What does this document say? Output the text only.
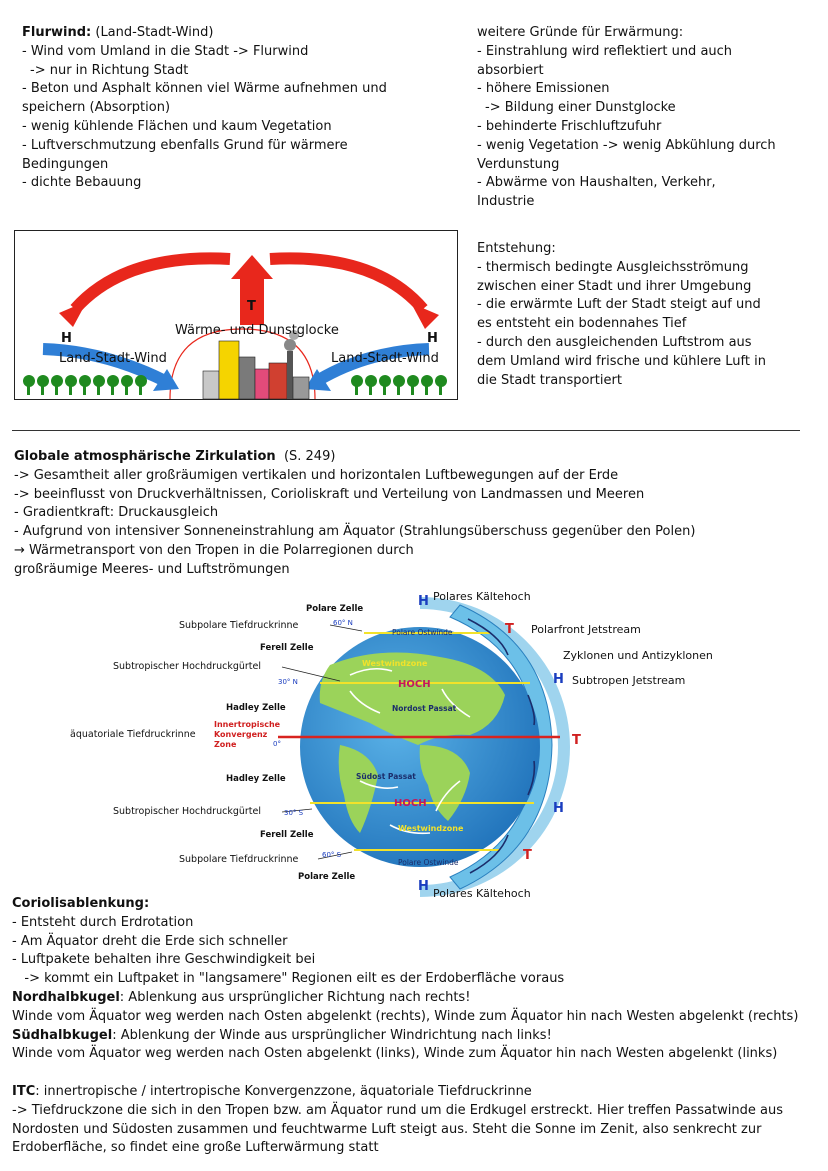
Flurwind: (Land-Stadt-Wind)
- Wind vom Umland in die Stadt -> Flurwind
-> nur in Richtung Stadt
- Beton und Asphalt können viel Wärme aufnehmen und
speichern (Absorption)
- wenig kühlende Flächen und kaum Vegetation
- Luftverschmutzung ebenfalls Grund für wärmere
Bedingungen
- dichte Bebauung
weitere Gründe für Erwärmung:
- Einstrahlung wird reflektiert und auch
absorbiert
- höhere Emissionen
-> Bildung einer Dunstglocke
- behinderte Frischluftzufuhr
- wenig Vegetation -> wenig Abkühlung durch
Verdunstung
- Abwärme von Haushalten, Verkehr,
Industrie
T
H	H
Wärme- und Dunstglocke
Land-Stadt-Wind	Land-Stadt-Wind
Entstehung:
- thermisch bedingte Ausgleichsströmung
zwischen einer Stadt und ihrer Umgebung
- die erwärmte Luft der Stadt steigt auf und
es entsteht ein bodennahes Tief
- durch den ausgleichenden Luftstrom aus
dem Umland wird frische und kühlere Luft in
die Stadt transportiert
Globale atmosphärische Zirkulation (S. 249)
-> Gesamtheit aller großräumigen vertikalen und horizontalen Luftbewegungen auf der Erde
-> beeinflusst von Druckverhältnissen, Corioliskraft und Verteilung von Landmassen und Meeren
- Gradientkraft: Druckausgleich
- Aufgrund von intensiver Sonneneinstrahlung am Äquator (Strahlungsüberschuss gegenüber den Polen)
→ Wärmetransport von den Tropen in die Polarregionen durch
großräumige Meeres- und Luftströmungen
Polare Zelle
Subpolare Tiefdruckrinne	60° N
Ferell Zelle
Subtropischer Hochdruckgürtel
30° N
Hadley Zelle
äquatoriale Tiefdruckrinne
Innertropische
Konvergenz
Zone	0°
Hadley Zelle
Subtropischer Hochdruckgürtel	30° S
Ferell Zelle
Subpolare Tiefdruckrinne	60° S
Polare Zelle
Polare Ostwinde
Westwindzone
HOCH
Nordost Passat
Südost Passat
HOCH
Westwindzone
Polare Ostwinde
H Polares Kältehoch
T Polarfront Jetstream
Zyklonen und Antizyklonen
H Subtropen Jetstream
T
H
T
H Polares Kältehoch
Coriolisablenkung:
- Entsteht durch Erdrotation
- Am Äquator dreht die Erde sich schneller
- Luftpakete behalten ihre Geschwindigkeit bei
-> kommt ein Luftpaket in "langsamere" Regionen eilt es der Erdoberfläche voraus
Nordhalbkugel: Ablenkung aus ursprünglicher Richtung nach rechts!
Winde vom Äquator weg werden nach Osten abgelenkt (rechts), Winde zum Äquator hin nach Westen abgelenkt (rechts)
Südhalbkugel: Ablenkung der Winde aus ursprünglicher Windrichtung nach links!
Winde vom Äquator weg werden nach Osten abgelenkt (links), Winde zum Äquator hin nach Westen abgelenkt (links)
ITC: innertropische / intertropische Konvergenzzone, äquatoriale Tiefdruckrinne
-> Tiefdruckzone die sich in den Tropen bzw. am Äquator rund um die Erdkugel erstreckt. Hier treffen Passatwinde aus
Nordosten und Südosten zusammen und feuchtwarme Luft steigt aus. Steht die Sonne im Zenit, also senkrecht zur
Erdoberfläche, so findet eine große Lufterwärmung statt
